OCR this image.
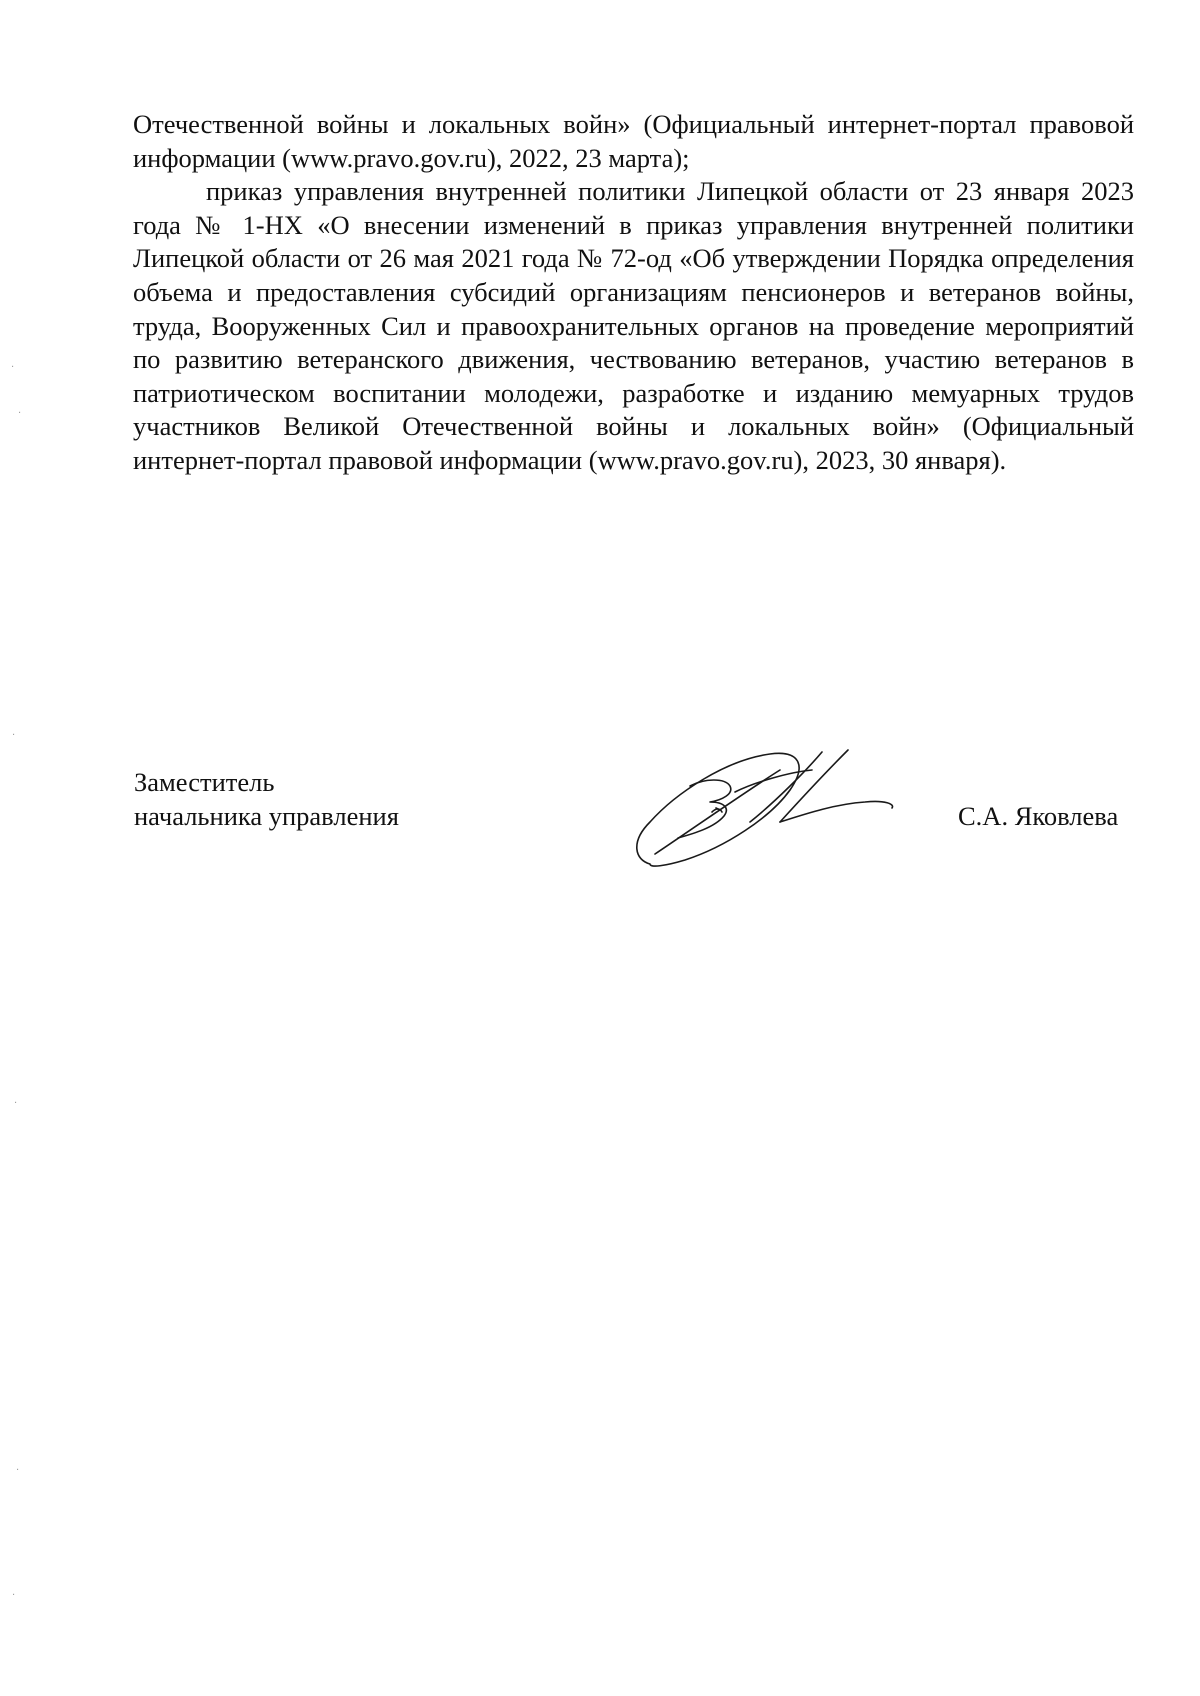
Отечественной войны и локальных войн» (Официальный интернет-портал правовой информации (www.pravo.gov.ru), 2022, 23 марта);

приказ управления внутренней политики Липецкой области от 23 января 2023 года № 1-НХ «О внесении изменений в приказ управления внутренней политики Липецкой области от 26 мая 2021 года № 72-од «Об утверждении Порядка определения объема и предоставления субсидий организациям пенсионеров и ветеранов войны, труда, Вооруженных Сил и правоохранительных органов на проведение мероприятий по развитию ветеранского движения, чествованию ветеранов, участию ветеранов в патриотическом воспитании молодежи, разработке и изданию мемуарных трудов участников Великой Отечественной войны и локальных войн» (Официальный интернет-портал правовой информации (www.pravo.gov.ru), 2023, 30 января).

Заместитель
начальника управления	С.А. Яковлева
·
·
·
·
·
·
